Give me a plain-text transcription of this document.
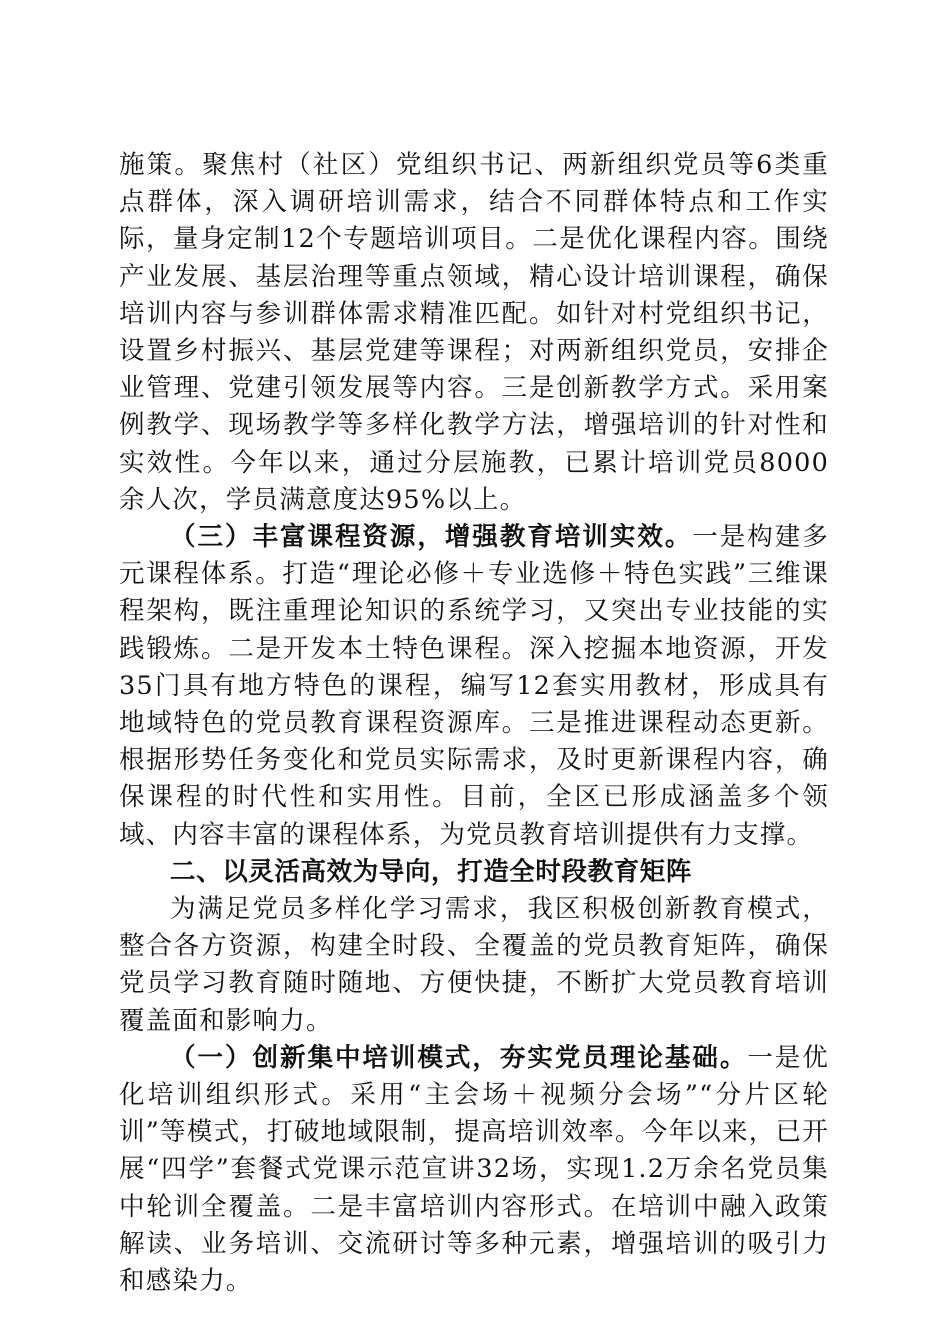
施策。聚焦村（社区）党组织书记、两新组织党员等6类重点群体，深入调研培训需求，结合不同群体特点和工作实际，量身定制12个专题培训项目。二是优化课程内容。围绕产业发展、基层治理等重点领域，精心设计培训课程，确保培训内容与参训群体需求精准匹配。如针对村党组织书记，设置乡村振兴、基层党建等课程；对两新组织党员，安排企业管理、党建引领发展等内容。三是创新教学方式。采用案例教学、现场教学等多样化教学方法，增强培训的针对性和实效性。今年以来，通过分层施教，已累计培训党员8000余人次，学员满意度达95%以上。

（三）丰富课程资源，增强教育培训实效。一是构建多元课程体系。打造“理论必修＋专业选修＋特色实践”三维课程架构，既注重理论知识的系统学习，又突出专业技能的实践锻炼。二是开发本土特色课程。深入挖掘本地资源，开发35门具有地方特色的课程，编写12套实用教材，形成具有地域特色的党员教育课程资源库。三是推进课程动态更新。根据形势任务变化和党员实际需求，及时更新课程内容，确保课程的时代性和实用性。目前，全区已形成涵盖多个领域、内容丰富的课程体系，为党员教育培训提供有力支撑。

二、以灵活高效为导向，打造全时段教育矩阵

为满足党员多样化学习需求，我区积极创新教育模式，整合各方资源，构建全时段、全覆盖的党员教育矩阵，确保党员学习教育随时随地、方便快捷，不断扩大党员教育培训覆盖面和影响力。

（一）创新集中培训模式，夯实党员理论基础。一是优化培训组织形式。采用“主会场＋视频分会场”“分片区轮训”等模式，打破地域限制，提高培训效率。今年以来，已开展“四学”套餐式党课示范宣讲32场，实现1.2万余名党员集中轮训全覆盖。二是丰富培训内容形式。在培训中融入政策解读、业务培训、交流研讨等多种元素，增强培训的吸引力和感染力。
